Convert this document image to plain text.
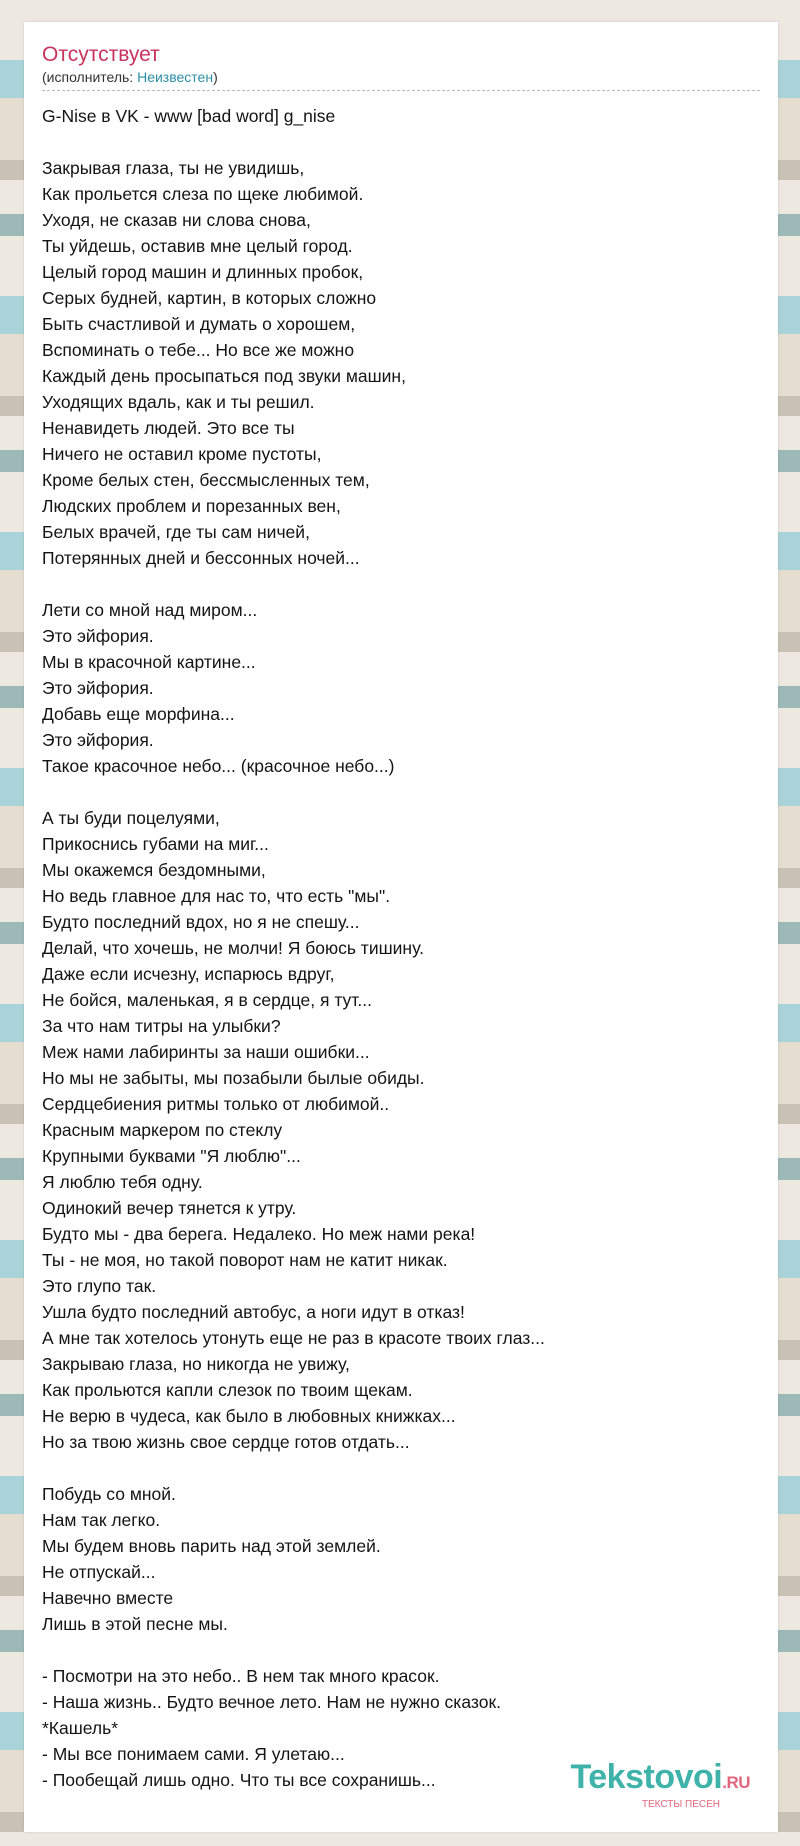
Отсутствует
(исполнитель: Неизвестен)
G-Nise в VK - www [bad word] g_nise
Закрывая глаза, ты не увидишь,
Как прольется слеза по щеке любимой.
Уходя, не сказав ни слова снова,
Ты уйдешь, оставив мне целый город.
Целый город машин и длинных пробок,
Серых будней, картин, в которых сложно
Быть счастливой и думать о хорошем,
Вспоминать о тебе... Но все же можно
Каждый день просыпаться под звуки машин,
Уходящих вдаль, как и ты решил.
Ненавидеть людей. Это все ты
Ничего не оставил кроме пустоты,
Кроме белых стен, бессмысленных тем,
Людских проблем и порезанных вен,
Белых врачей, где ты сам ничей,
Потерянных дней и бессонных ночей...
Лети со мной над миром...
Это эйфория.
Мы в красочной картине...
Это эйфория.
Добавь еще морфина...
Это эйфория.
Такое красочное небо... (красочное небо...)
А ты буди поцелуями,
Прикоснись губами на миг...
Мы окажемся бездомными,
Но ведь главное для нас то, что есть "мы".
Будто последний вдох, но я не спешу...
Делай, что хочешь, не молчи! Я боюсь тишину.
Даже если исчезну, испарюсь вдруг,
Не бойся, маленькая, я в сердце, я тут...
За что нам титры на улыбки?
Меж нами лабиринты за наши ошибки...
Но мы не забыты, мы позабыли былые обиды.
Сердцебиения ритмы только от любимой..
Красным маркером по стеклу
Крупными буквами "Я люблю"...
Я люблю тебя одну.
Одинокий вечер тянется к утру.
Будто мы - два берега. Недалеко. Но меж нами река!
Ты - не моя, но такой поворот нам не катит никак.
Это глупо так.
Ушла будто последний автобус, а ноги идут в отказ!
А мне так хотелось утонуть еще не раз в красоте твоих глаз...
Закрываю глаза, но никогда не увижу,
Как прольются капли слезок по твоим щекам.
Не верю в чудеса, как было в любовных книжках...
Но за твою жизнь свое сердце готов отдать...
Побудь со мной.
Нам так легко.
Мы будем вновь парить над этой землей.
Не отпускай...
Навечно вместе
Лишь в этой песне мы.
- Посмотри на это небо.. В нем так много красок.
- Наша жизнь.. Будто вечное лето. Нам не нужно сказок.
*Кашель*
- Мы все понимаем сами. Я улетаю...
- Пообещай лишь одно. Что ты все сохранишь...	Tekstovoi.RU
ТЕКСТЫ ПЕСЕН
